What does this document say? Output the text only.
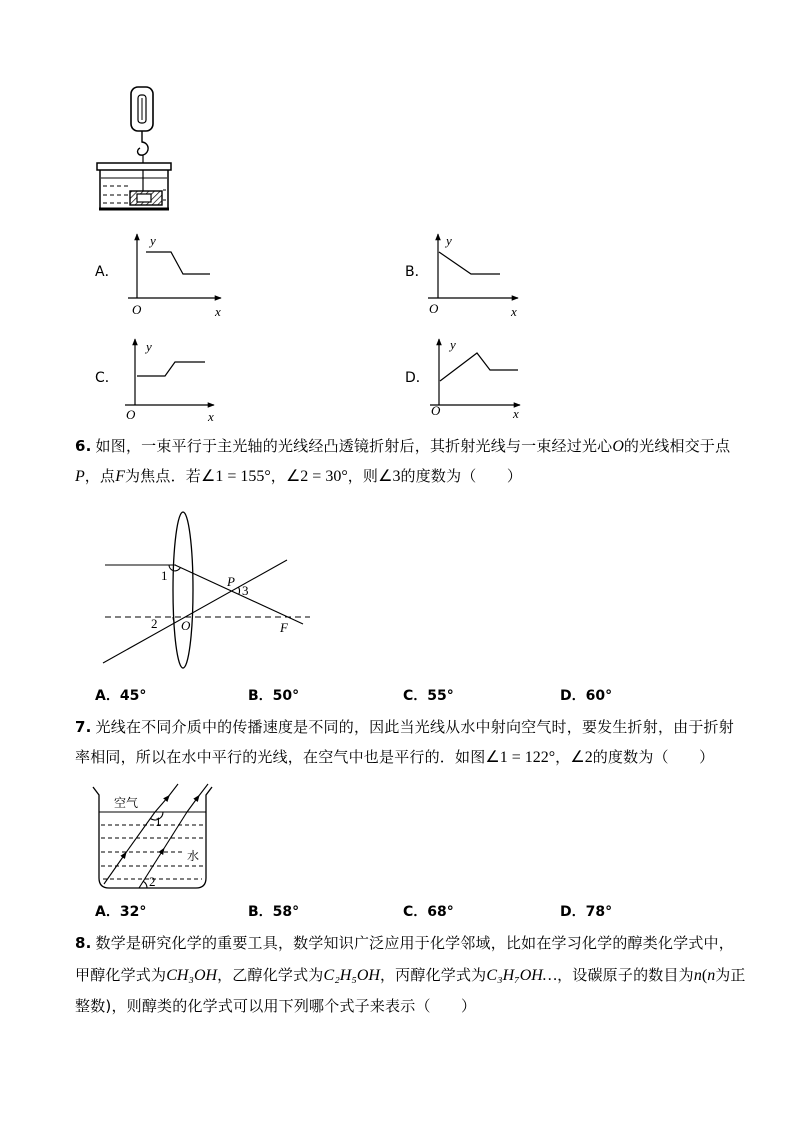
y
O	x
y
O	x
y
O	x
y
O	x
1	P
3
2 O	F
空气
1
水
2
A．	B．
C．	D．
6. 如图，一束平行于主光轴的光线经凸透镜折射后，其折射光线与一束经过光心O的光线相交于点
P，点F为焦点．若∠1 = 155°，∠2 = 30°，则∠3的度数为（　　）
A．45°	B．50°	C．55°	D．60°
7. 光线在不同介质中的传播速度是不同的，因此当光线从水中射向空气时，要发生折射，由于折射
率相同，所以在水中平行的光线，在空气中也是平行的．如图∠1 = 122°，∠2的度数为（　　）
A．32°	B．58°	C．68°	D．78°
8. 数学是研究化学的重要工具，数学知识广泛应用于化学邻域，比如在学习化学的醇类化学式中，
甲醇化学式为CH₃OH，乙醇化学式为C₂H₅OH，丙醇化学式为C₃H₇OH…，设碳原子的数目为n(n为正
整数)，则醇类的化学式可以用下列哪个式子来表示（　　）
